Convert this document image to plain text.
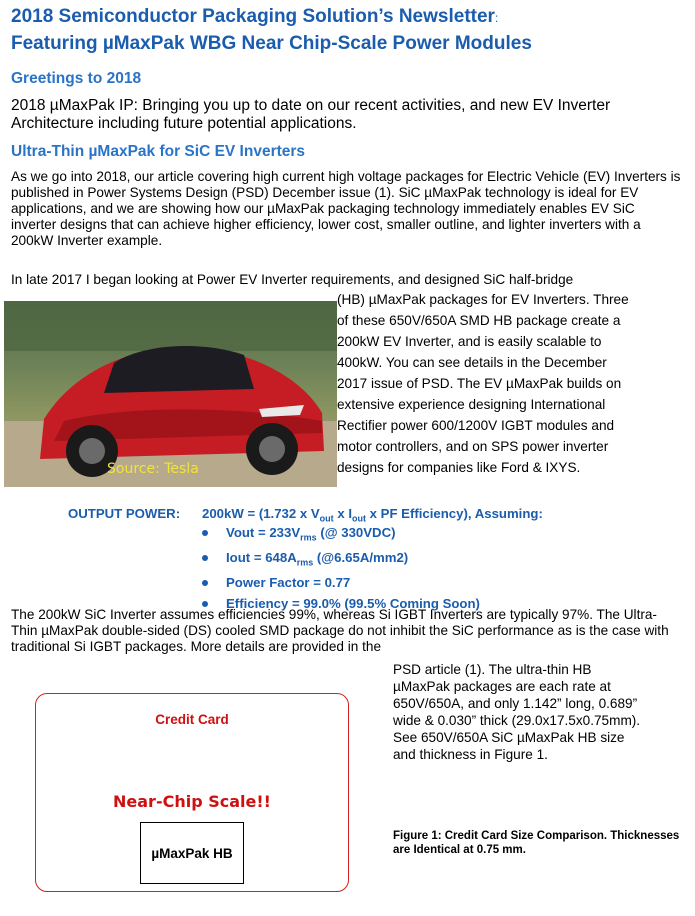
2018 Semiconductor Packaging Solution’s Newsletter:
Featuring µMaxPak WBG Near Chip-Scale Power Modules
Greetings to 2018
2018 µMaxPak IP: Bringing you up to date on our recent activities, and new EV Inverter Architecture including future potential applications.
Ultra-Thin µMaxPak for SiC EV Inverters
As we go into 2018, our article covering high current high voltage packages for Electric Vehicle (EV) Inverters is published in Power Systems Design (PSD) December issue (1). SiC µMaxPak technology is ideal for EV applications, and we are showing how our µMaxPak packaging technology immediately enables EV SiC inverter designs that can achieve higher efficiency, lower cost, smaller outline, and lighter inverters with a 200kW Inverter example.
In late 2017 I began looking at Power EV Inverter requirements, and designed SiC half-bridge
Source: Tesla
(HB) µMaxPak packages for EV Inverters. Three of these 650V/650A SMD HB package create a 200kW EV Inverter, and is easily scalable to 400kW. You can see details in the December 2017 issue of PSD. The EV µMaxPak builds on extensive experience designing International Rectifier power 600/1200V IGBT modules and motor controllers, and on SPS power inverter designs for companies like Ford & IXYS.
OUTPUT POWER: 200kW = (1.732 x $V_{out}$ x $I_{out}$ x PF Efficiency), Assuming:
Vout = $233V_{rms}$ (@ 330VDC)
Iout = $648A_{rms}$ (@6.65A/mm2)
Power Factor = 0.77
Efficiency = 99.0% (99.5% Coming Soon)
The 200kW SiC Inverter assumes efficiencies 99%, whereas Si IGBT Inverters are typically 97%. The Ultra-Thin µMaxPak double-sided (DS) cooled SMD package do not inhibit the SiC performance as is the case with traditional Si IGBT packages. More details are provided in the
Credit Card
Near-Chip Scale!!
µMaxPak HB
PSD article (1). The ultra-thin HB µMaxPak packages are each rate at 650V/650A, and only 1.142” long, 0.689” wide & 0.030” thick (29.0x17.5x0.75mm). See 650V/650A SiC µMaxPak HB size and thickness in Figure 1.
Figure 1: Credit Card Size Comparison. Thicknesses are Identical at 0.75 mm.
